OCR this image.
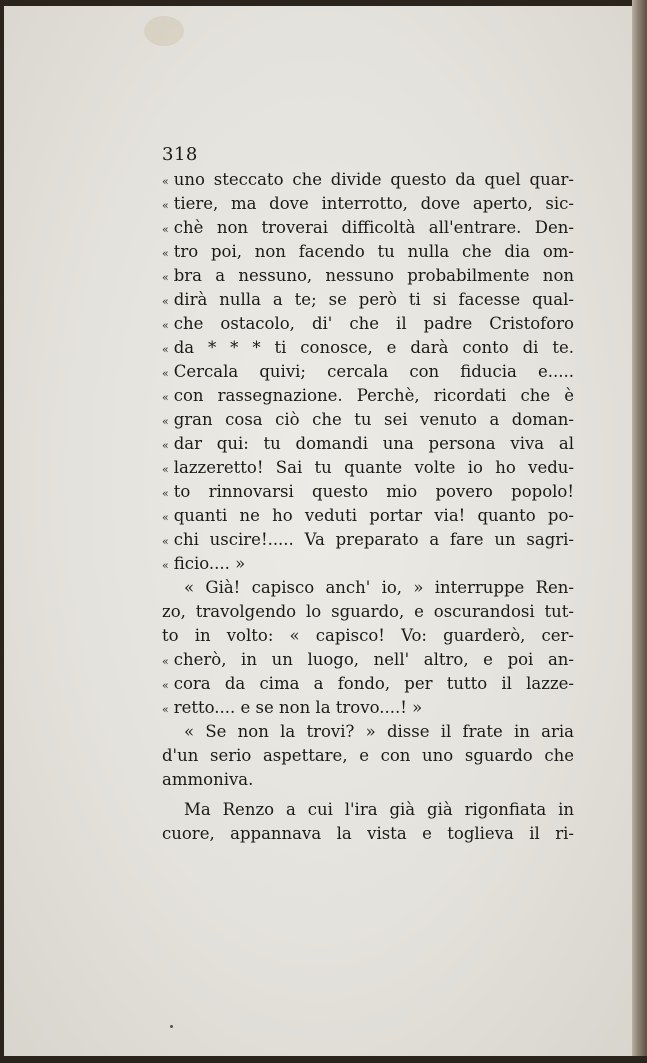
318
« uno steccato che divide questo da quel quar-
« tiere, ma dove interrotto, dove aperto, sic-
« chè non troverai difficoltà all'entrare. Den-
« tro poi, non facendo tu nulla che dia om-
« bra a nessuno, nessuno probabilmente non
« dirà nulla a te; se però ti si facesse qual-
« che ostacolo, di' che il padre Cristoforo
« da * * * ti conosce, e darà conto di te.
« Cercala quivi; cercala con fiducia e.....
« con rassegnazione. Perchè, ricordati che è
« gran cosa ciò che tu sei venuto a doman-
« dar qui: tu domandi una persona viva al
« lazzeretto! Sai tu quante volte io ho vedu-
« to rinnovarsi questo mio povero popolo!
« quanti ne ho veduti portar via! quanto po-
« chi uscire!..... Va preparato a fare un sagri-
« ficio.... »
« Già! capisco anch' io, » interruppe Ren-
zo, travolgendo lo sguardo, e oscurandosi tut-
to in volto: « capisco! Vo: guarderò, cer-
« cherò, in un luogo, nell' altro, e poi an-
« cora da cima a fondo, per tutto il lazze-
« retto.... e se non la trovo....! »
« Se non la trovi? » disse il frate in aria
d'un serio aspettare, e con uno sguardo che
ammoniva.
Ma Renzo a cui l'ira già già rigonfiata in
cuore, appannava la vista e toglieva il ri-
